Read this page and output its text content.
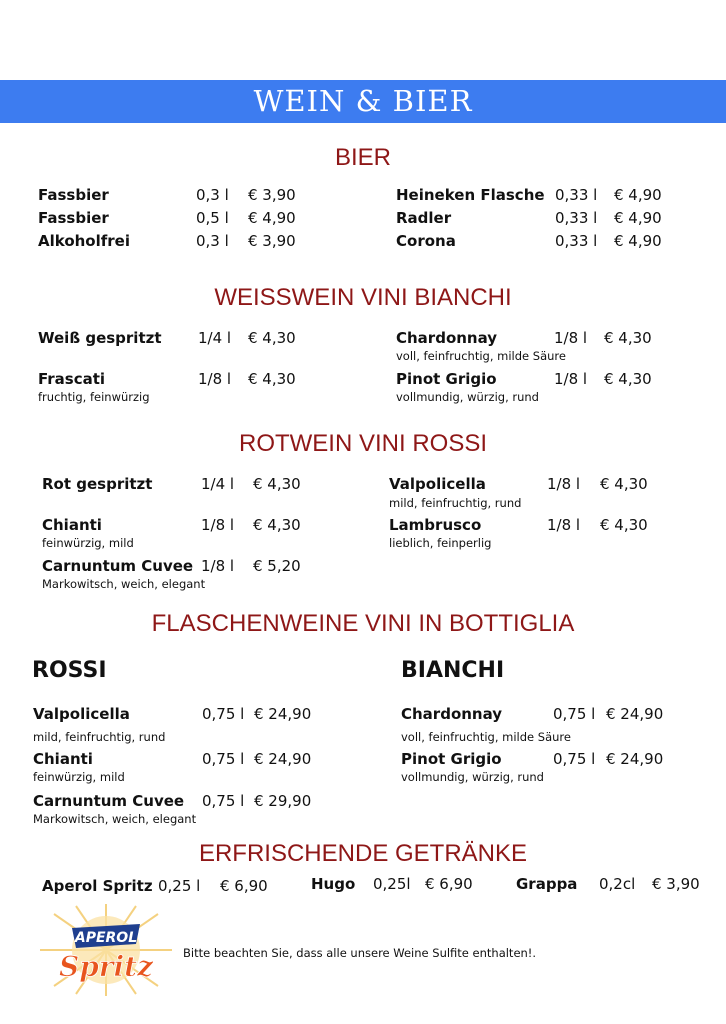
WEIN & BIER
BIER
Fassbier	0,3 l € 3,90
Fassbier	0,5 l € 4,90
Alkoholfrei	0,3 l € 3,90
Heineken Flasche 0,33 l € 4,90
Radler	0,33 l € 4,90
Corona	0,33 l € 4,90
WEISSWEIN VINI BIANCHI
Weiß gespritzt 1/4 l € 4,30
Frascati	1/8 l € 4,30
fruchtig, feinwürzig
Chardonnay	1/8 l € 4,30
voll, feinfruchtig, milde Säure
Pinot Grigio	1/8 l € 4,30
vollmundig, würzig, rund
ROTWEIN VINI ROSSI
Rot gespritzt	1/4 l € 4,30
Chianti	1/8 l € 4,30
feinwürzig, mild
Carnuntum Cuvee 1/8 l € 5,20
Markowitsch, weich, elegant
Valpolicella	1/8 l € 4,30
mild, feinfruchtig, rund
Lambrusco	1/8 l € 4,30
lieblich, feinperlig
FLASCHENWEINE VINI IN BOTTIGLIA
ROSSI	BIANCHI
Valpolicella	0,75 l € 24,90
mild, feinfruchtig, rund
Chianti	0,75 l € 24,90
feinwürzig, mild
Carnuntum Cuvee 0,75 l € 29,90
Markowitsch, weich, elegant
Chardonnay	0,75 l € 24,90
voll, feinfruchtig, milde Säure
Pinot Grigio	0,75 l € 24,90
vollmundig, würzig, rund
ERFRISCHENDE GETRÄNKE
Aperol Spritz 0,25 l € 6,90	Hugo 0,25l € 6,90	Grappa 0,2cl € 3,90
APEROL
Spritz	Bitte beachten Sie, dass alle unsere Weine Sulfite enthalten!.
